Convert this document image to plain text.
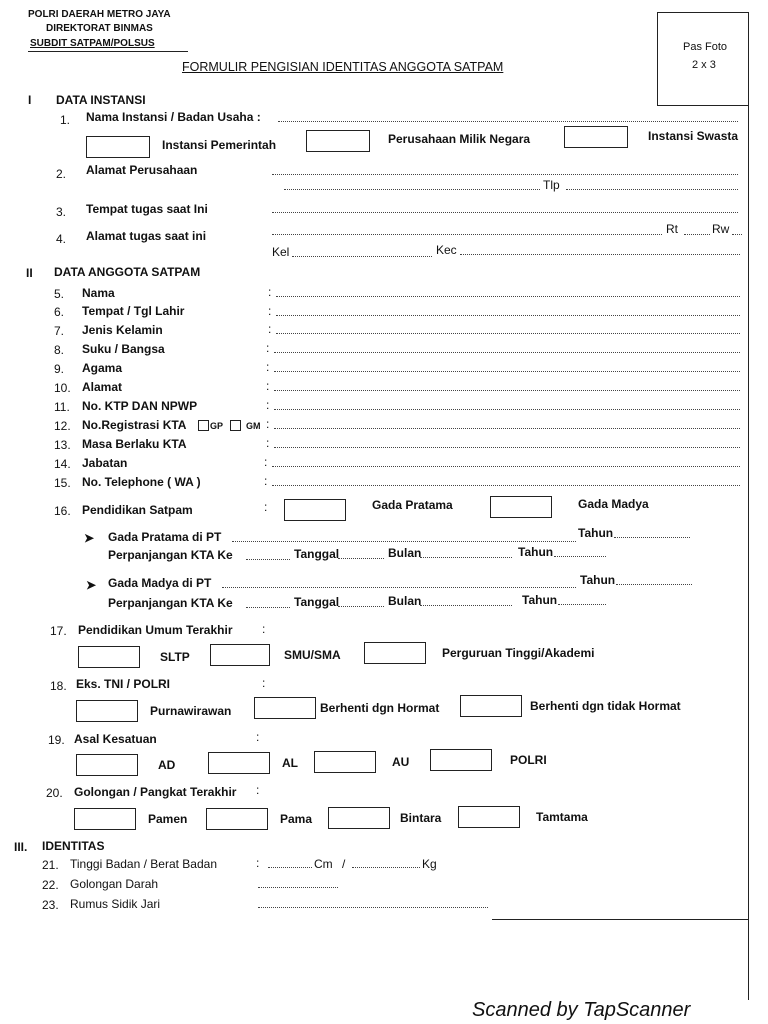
POLRI DAERAH METRO JAYA
DIREKTORAT BINMAS
SUBDIT SATPAM/POLSUS	Pas Foto
2 x 3
FORMULIR PENGISIAN IDENTITAS ANGGOTA SATPAM
I DATA INSTANSI
1. Nama Instansi / Badan Usaha :
Instansi Pemerintah	Perusahaan Milik Negara	Instansi Swasta
2. Alamat Perusahaan
Tlp
3. Tempat tugas saat Ini
4. Alamat tugas saat ini	Rt	Rw
Kel	Kec
II DATA ANGGOTA SATPAM
5. Nama	:
6. Tempat / Tgl Lahir	:
7. Jenis Kelamin	:
8. Suku / Bangsa	:
9. Agama	:
10. Alamat	:
11. No. KTP DAN NPWP	:
12. No.Registrasi KTA	GP	GM :
13. Masa Berlaku KTA	:
14. Jabatan	:
15. No. Telephone ( WA )	:
16. Pendidikan Satpam	:	Gada Pratama	Gada Madya
➤ Gada Pratama di PT	Tahun
Perpanjangan KTA Ke	Tanggal	Bulan	Tahun
➤ Gada Madya di PT	Tahun
Perpanjangan KTA Ke	Tanggal	Bulan	Tahun
17. Pendidikan Umum Terakhir :
SLTP	SMU/SMA	Perguruan Tinggi/Akademi
18. Eks. TNI / POLRI	:
Purnawirawan	Berhenti dgn Hormat	Berhenti dgn tidak Hormat
19. Asal Kesatuan	:
AD	AL	AU	POLRI
20. Golongan / Pangkat Terakhir :
Pamen	Pama	Bintara	Tamtama
III. IDENTITAS
21. Tinggi Badan / Berat Badan	:	Cm /	Kg
22. Golongan Darah
23. Rumus Sidik Jari
Scanned by TapScanner
